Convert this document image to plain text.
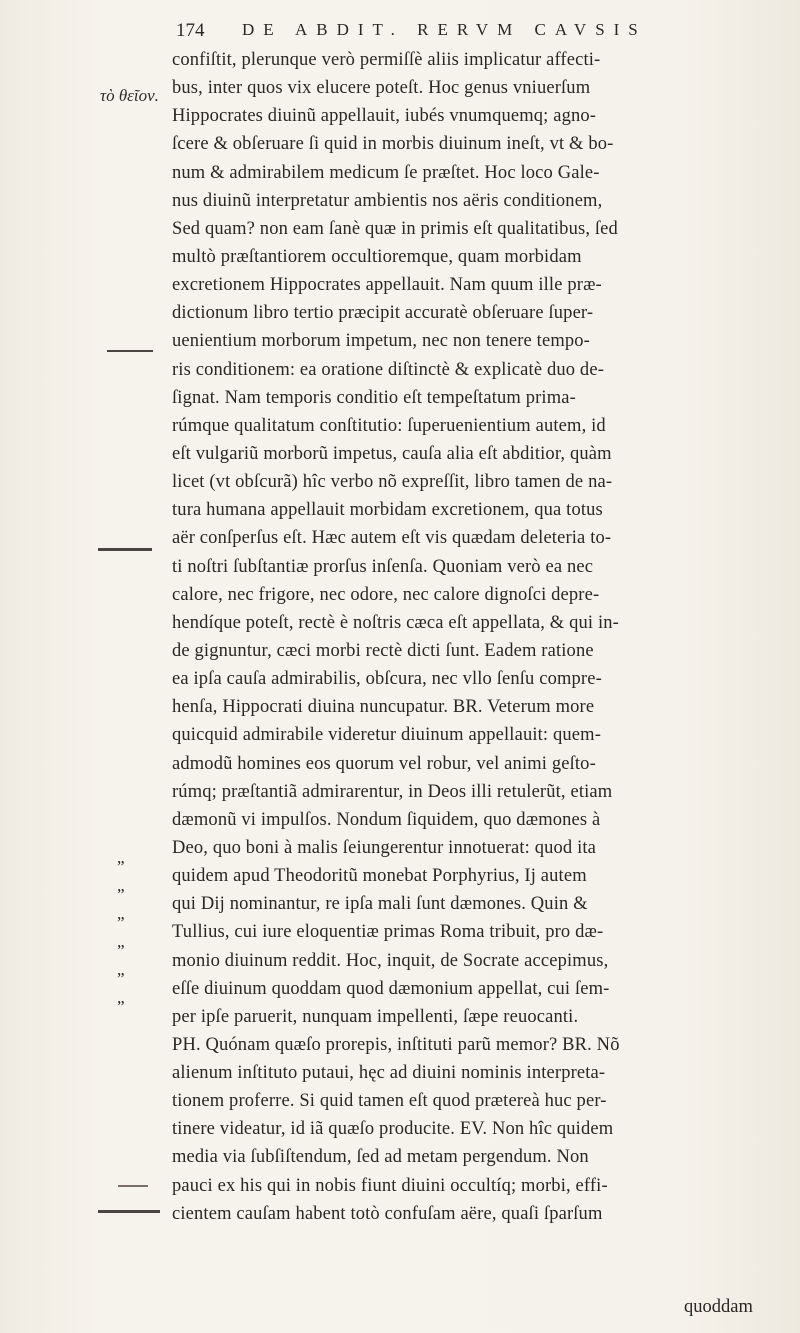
174 DE ABDIT. RERVM CAVSIS
τὸ θεῖον.
„
„
„
„
„
„
confiſtit, plerunque verò permiſſè aliis implicatur affecti-
bus, inter quos vix elucere poteſt. Hoc genus vniuerſum
Hippocrates diuinũ appellauit, iubés vnumquemq; agno-
ſcere & obſeruare ſi quid in morbis diuinum ineſt, vt & bo-
num & admirabilem medicum ſe præſtet. Hoc loco Gale-
nus diuinũ interpretatur ambientis nos aëris conditionem,
Sed quam? non eam ſanè quæ in primis eſt qualitatibus, ſed
multò præſtantiorem occultioremque, quam morbidam
excretionem Hippocrates appellauit. Nam quum ille præ-
dictionum libro tertio præcipit accuratè obſeruare ſuper-
uenientium morborum impetum, nec non tenere tempo-
ris conditionem: ea oratione diſtinctè & explicatè duo de-
ſignat. Nam temporis conditio eſt tempeſtatum prima-
rúmque qualitatum conſtitutio: ſuperuenientium autem, id
eſt vulgariũ morborũ impetus, cauſa alia eſt abditior, quàm
licet (vt obſcurã) hîc verbo nõ expreſſit, libro tamen de na-
tura humana appellauit morbidam excretionem, qua totus
aër conſperſus eſt. Hæc autem eſt vis quædam deleteria to-
ti noſtri ſubſtantiæ prorſus inſenſa. Quoniam verò ea nec
calore, nec frigore, nec odore, nec calore dignoſci depre-
hendíque poteſt, rectè è noſtris cæca eſt appellata, & qui in-
de gignuntur, cæci morbi rectè dicti ſunt. Eadem ratione
ea ipſa cauſa admirabilis, obſcura, nec vllo ſenſu compre-
henſa, Hippocrati diuina nuncupatur. BR. Veterum more
quicquid admirabile videretur diuinum appellauit: quem-
admodũ homines eos quorum vel robur, vel animi geſto-
rúmq; præſtantiã admirarentur, in Deos illi retulerũt, etiam
dæmonũ vi impulſos. Nondum ſiquidem, quo dæmones à
Deo, quo boni à malis ſeiungerentur innotuerat: quod ita
quidem apud Theodoritũ monebat Porphyrius, Ij autem
qui Dij nominantur, re ipſa mali ſunt dæmones. Quin &
Tullius, cui iure eloquentiæ primas Roma tribuit, pro dæ-
monio diuinum reddit. Hoc, inquit, de Socrate accepimus,
eſſe diuinum quoddam quod dæmonium appellat, cui ſem-
per ipſe paruerit, nunquam impellenti, ſæpe reuocanti.
PH. Quónam quæſo prorepis, inſtituti parũ memor? BR. Nõ
alienum inſtituto putaui, hęc ad diuini nominis interpreta-
tionem proferre. Si quid tamen eſt quod prætereà huc per-
tinere videatur, id iã quæſo producite. EV. Non hîc quidem
media via ſubſiſtendum, ſed ad metam pergendum. Non
pauci ex his qui in nobis fiunt diuini occultíq; morbi, effi-
cientem cauſam habent totò confuſam aëre, quaſi ſparſum
quoddam
